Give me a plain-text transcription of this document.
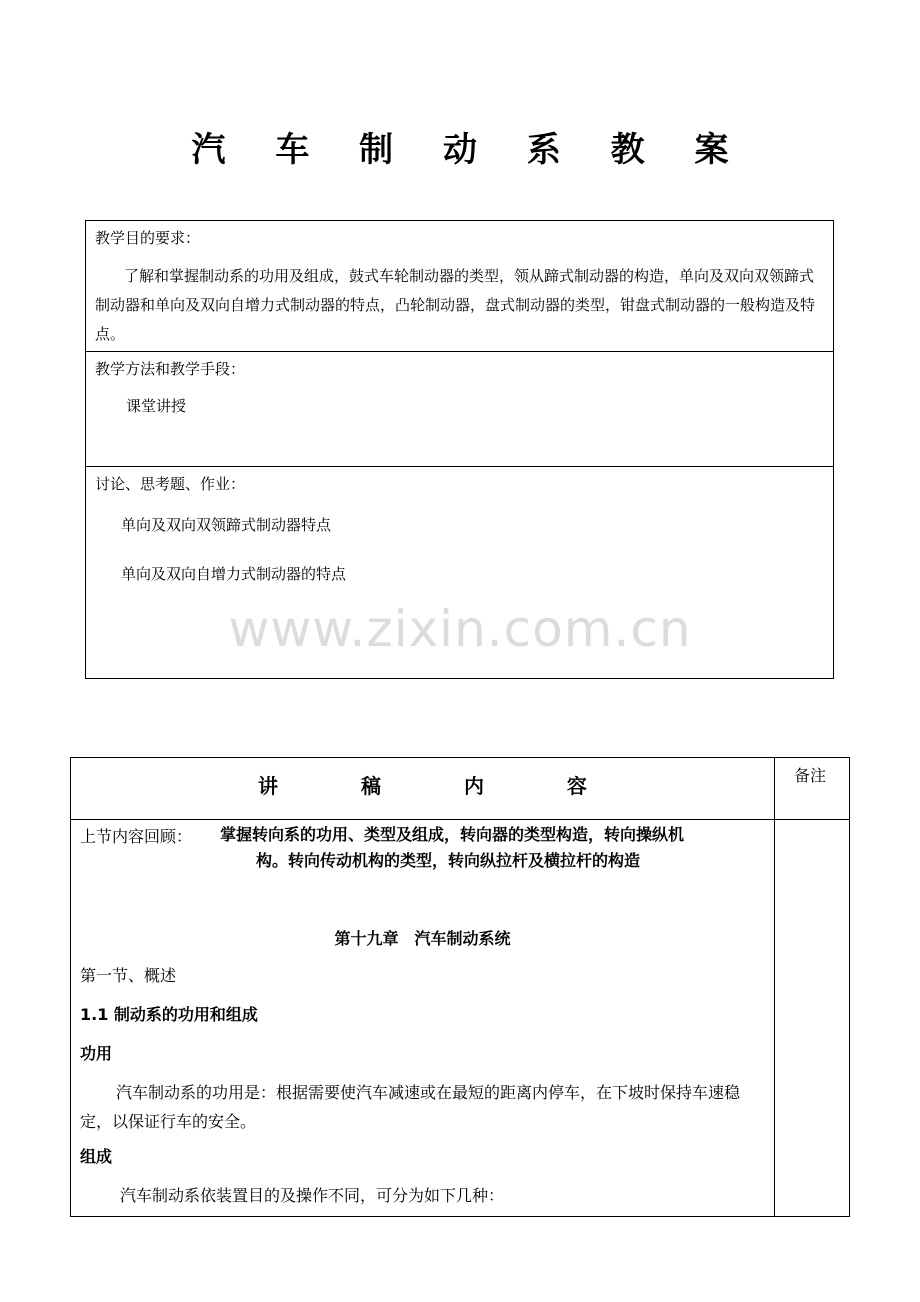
汽 车 制 动 系 教 案
教学目的要求：
了解和掌握制动系的功用及组成，鼓式车轮制动器的类型，领从蹄式制动器的构造，单向及双向双领蹄式制动器和单向及双向自增力式制动器的特点，凸轮制动器，盘式制动器的类型，钳盘式制动器的一般构造及特点。
教学方法和教学手段：
课堂讲授
讨论、思考题、作业：
单向及双向双领蹄式制动器特点
单向及双向自增力式制动器的特点
www.zixin.com.cn
讲 稿 内 容	备注
上节内容回顾： 掌握转向系的功用、类型及组成，转向器的类型构造，转向操纵机
构。转向传动机构的类型，转向纵拉杆及横拉杆的构造
第十九章　汽车制动系统
第一节、概述
1.1 制动系的功用和组成
功用
汽车制动系的功用是：根据需要使汽车减速或在最短的距离内停车，在下坡时保持车速稳定，以保证行车的安全。
组成
汽车制动系依装置目的及操作不同，可分为如下几种：
